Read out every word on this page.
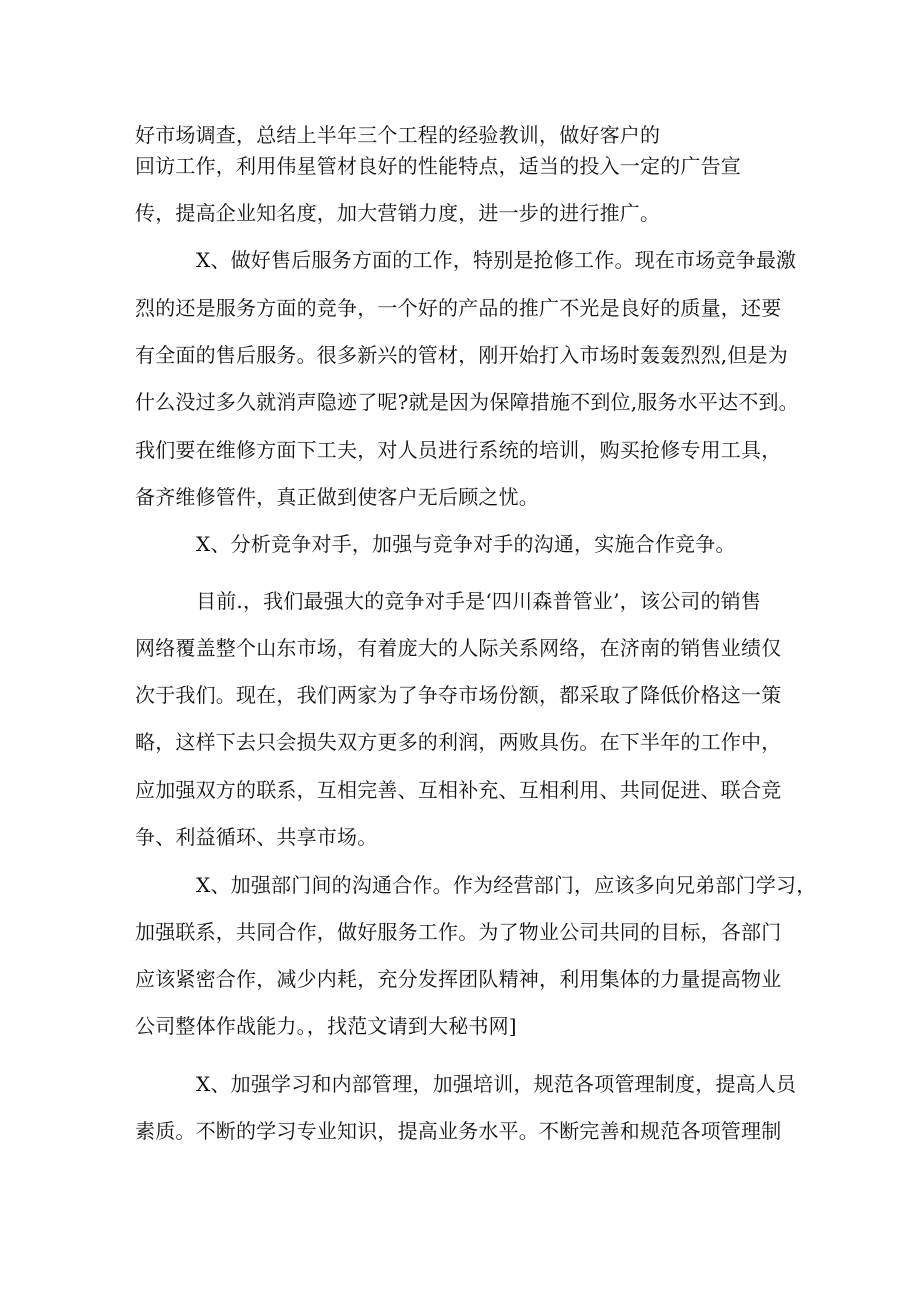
好市场调查，总结上半年三个工程的经验教训，做好客户的
回访工作，利用伟星管材良好的性能特点，适当的投入一定的广告宣
传，提高企业知名度，加大营销力度，进一步的进行推广。
X、做好售后服务方面的工作，特别是抢修工作。现在市场竞争最激
烈的还是服务方面的竞争，一个好的产品的推广不光是良好的质量，还要
有全面的售后服务。很多新兴的管材，刚开始打入市场时轰轰烈烈,但是为
什么没过多久就消声隐迹了呢?就是因为保障措施不到位,服务水平达不到。
我们要在维修方面下工夫，对人员进行系统的培训，购买抢修专用工具，
备齐维修管件，真正做到使客户无后顾之忧。
X、分析竞争对手，加强与竞争对手的沟通，实施合作竞争。
目前.，我们最强大的竞争对手是‘四川森普管业’，该公司的销售
网络覆盖整个山东市场，有着庞大的人际关系网络，在济南的销售业绩仅
次于我们。现在，我们两家为了争夺市场份额，都采取了降低价格这一策
略，这样下去只会损失双方更多的利润，两败具伤。在下半年的工作中，
应加强双方的联系，互相完善、互相补充、互相利用、共同促进、联合竞
争、利益循环、共享市场。
X、加强部门间的沟通合作。作为经营部门，应该多向兄弟部门学习，
加强联系，共同合作，做好服务工作。为了物业公司共同的目标，各部门
应该紧密合作，减少内耗，充分发挥团队精神，利用集体的力量提高物业
公司整体作战能力。，找范文请到大秘书网]
X、加强学习和内部管理，加强培训，规范各项管理制度，提高人员
素质。不断的学习专业知识，提高业务水平。不断完善和规范各项管理制
